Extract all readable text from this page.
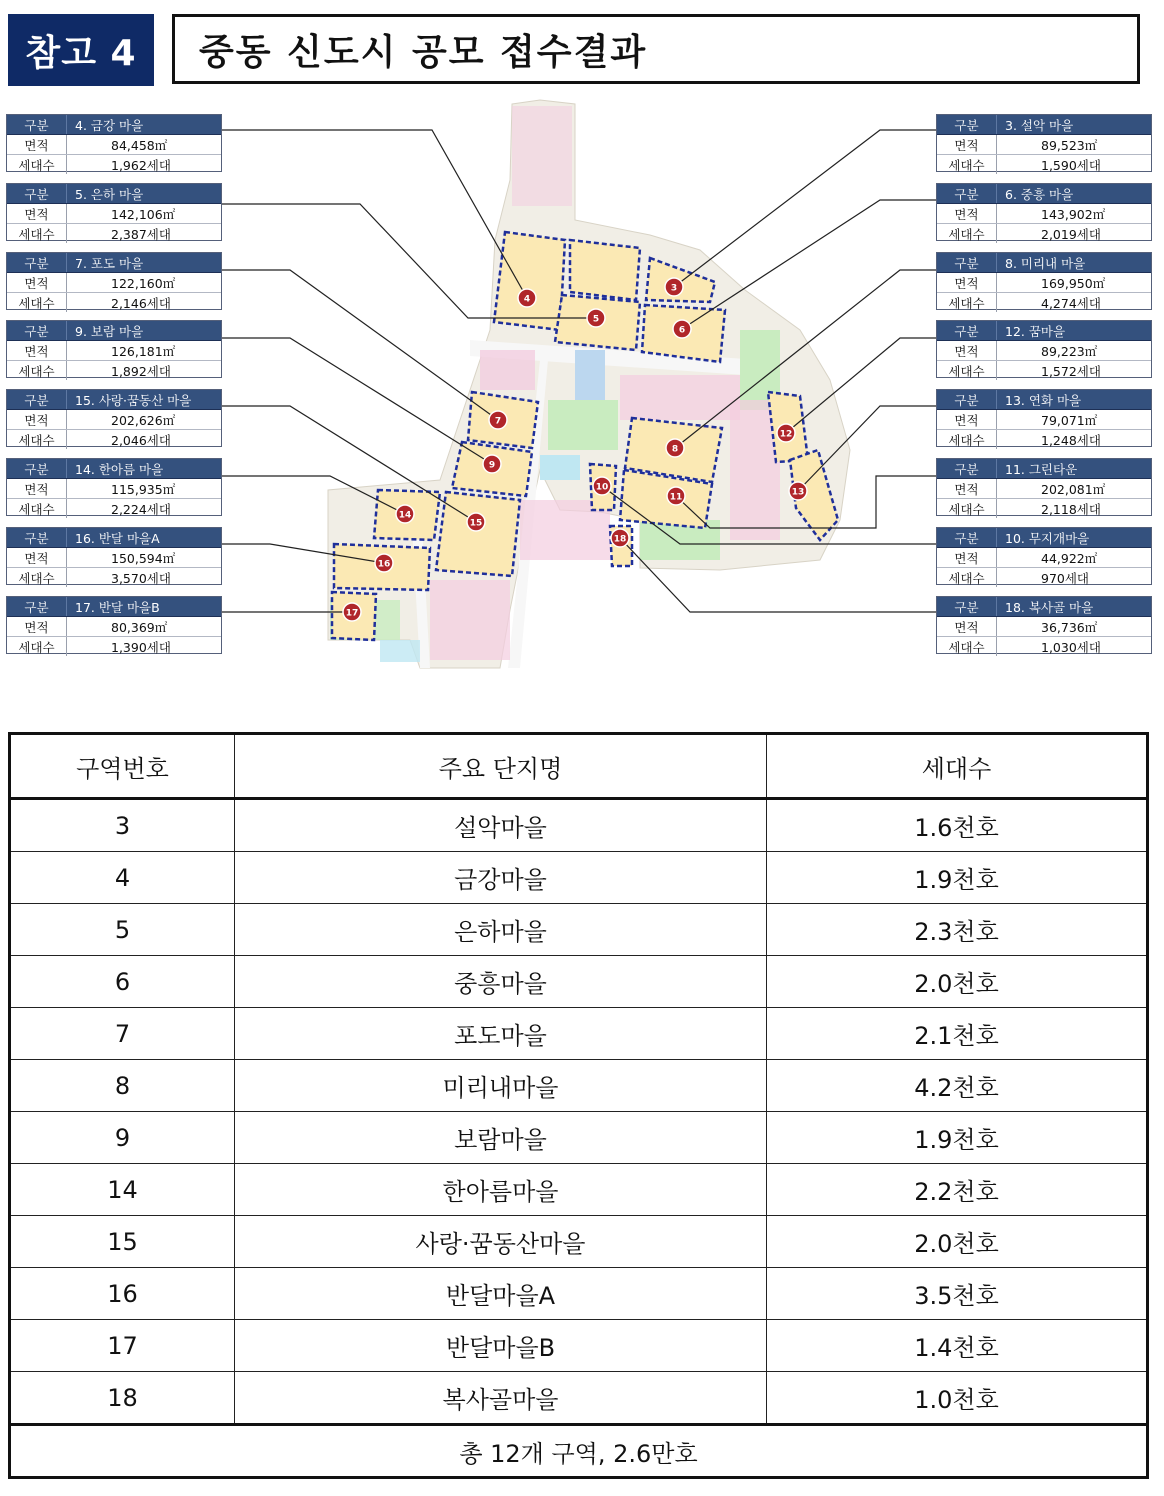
참고 4	중동 신도시 공모 접수결과
구분	4. 금강 마을
면적	84,458㎡
세대수	1,962세대
구분	5. 은하 마을
면적	142,106㎡
세대수	2,387세대
구분	7. 포도 마을
면적	122,160㎡
세대수	2,146세대
구분	9. 보람 마을
면적	126,181㎡
세대수	1,892세대
구분	15. 사랑·꿈동산 마을
면적	202,626㎡
세대수	2,046세대
구분	14. 한아름 마을
면적	115,935㎡
세대수	2,224세대
구분	16. 반달 마을A
면적	150,594㎡
세대수	3,570세대
구분	17. 반달 마을B
면적	80,369㎡
세대수	1,390세대
구분	3. 설악 마을
면적	89,523㎡
세대수	1,590세대
구분	6. 중흥 마을
면적	143,902㎡
세대수	2,019세대
구분	8. 미리내 마을
면적	169,950㎡
세대수	4,274세대
구분	12. 꿈마을
면적	89,223㎡
세대수	1,572세대
구분	13. 연화 마을
면적	79,071㎡
세대수	1,248세대
구분	11. 그린타운
면적	202,081㎡
세대수	2,118세대
구분	10. 무지개마을
면적	44,922㎡
세대수	970세대
구분	18. 복사골 마을
면적	36,736㎡
세대수	1,030세대
3
4
5
6
7
8
9
10
11
12
13
14
15
16
17
18
구역번호	주요 단지명	세대수
3	설악마을	1.6천호
4	금강마을	1.9천호
5	은하마을	2.3천호
6	중흥마을	2.0천호
7	포도마을	2.1천호
8	미리내마을	4.2천호
9	보람마을	1.9천호
14	한아름마을	2.2천호
15	사랑·꿈동산마을	2.0천호
16	반달마을A	3.5천호
17	반달마을B	1.4천호
18	복사골마을	1.0천호
총 12개 구역, 2.6만호		
